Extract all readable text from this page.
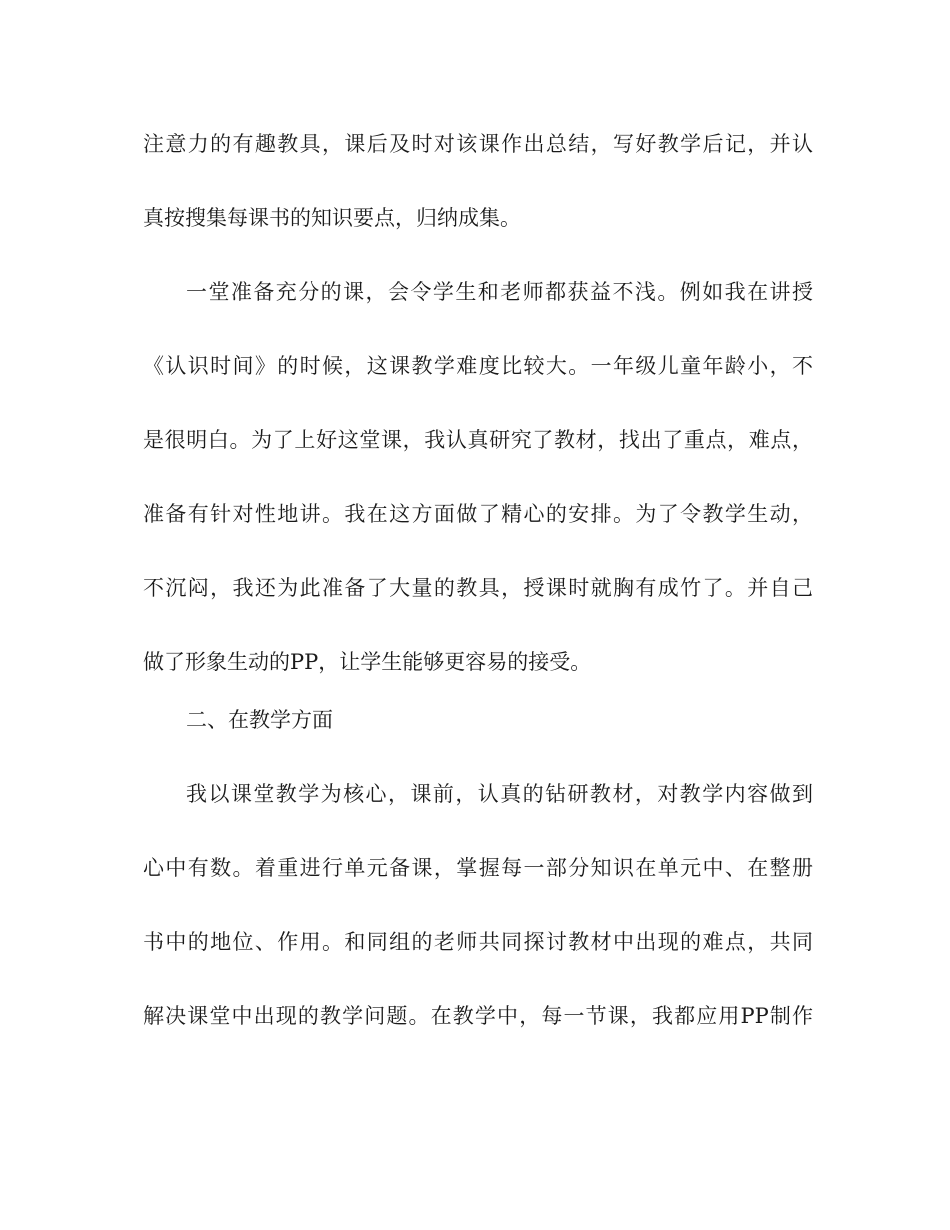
注意力的有趣教具，课后及时对该课作出总结，写好教学后记，并认

真按搜集每课书的知识要点，归纳成集。

一堂准备充分的课，会令学生和老师都获益不浅。例如我在讲授

《认识时间》的时候，这课教学难度比较大。一年级儿童年龄小，不

是很明白。为了上好这堂课，我认真研究了教材，找出了重点，难点，

准备有针对性地讲。我在这方面做了精心的安排。为了令教学生动，

不沉闷，我还为此准备了大量的教具，授课时就胸有成竹了。并自己

做了形象生动的PP，让学生能够更容易的接受。

二、在教学方面

我以课堂教学为核心，课前，认真的钻研教材，对教学内容做到

心中有数。着重进行单元备课，掌握每一部分知识在单元中、在整册

书中的地位、作用。和同组的老师共同探讨教材中出现的难点，共同

解决课堂中出现的教学问题。在教学中，每一节课，我都应用PP制作
